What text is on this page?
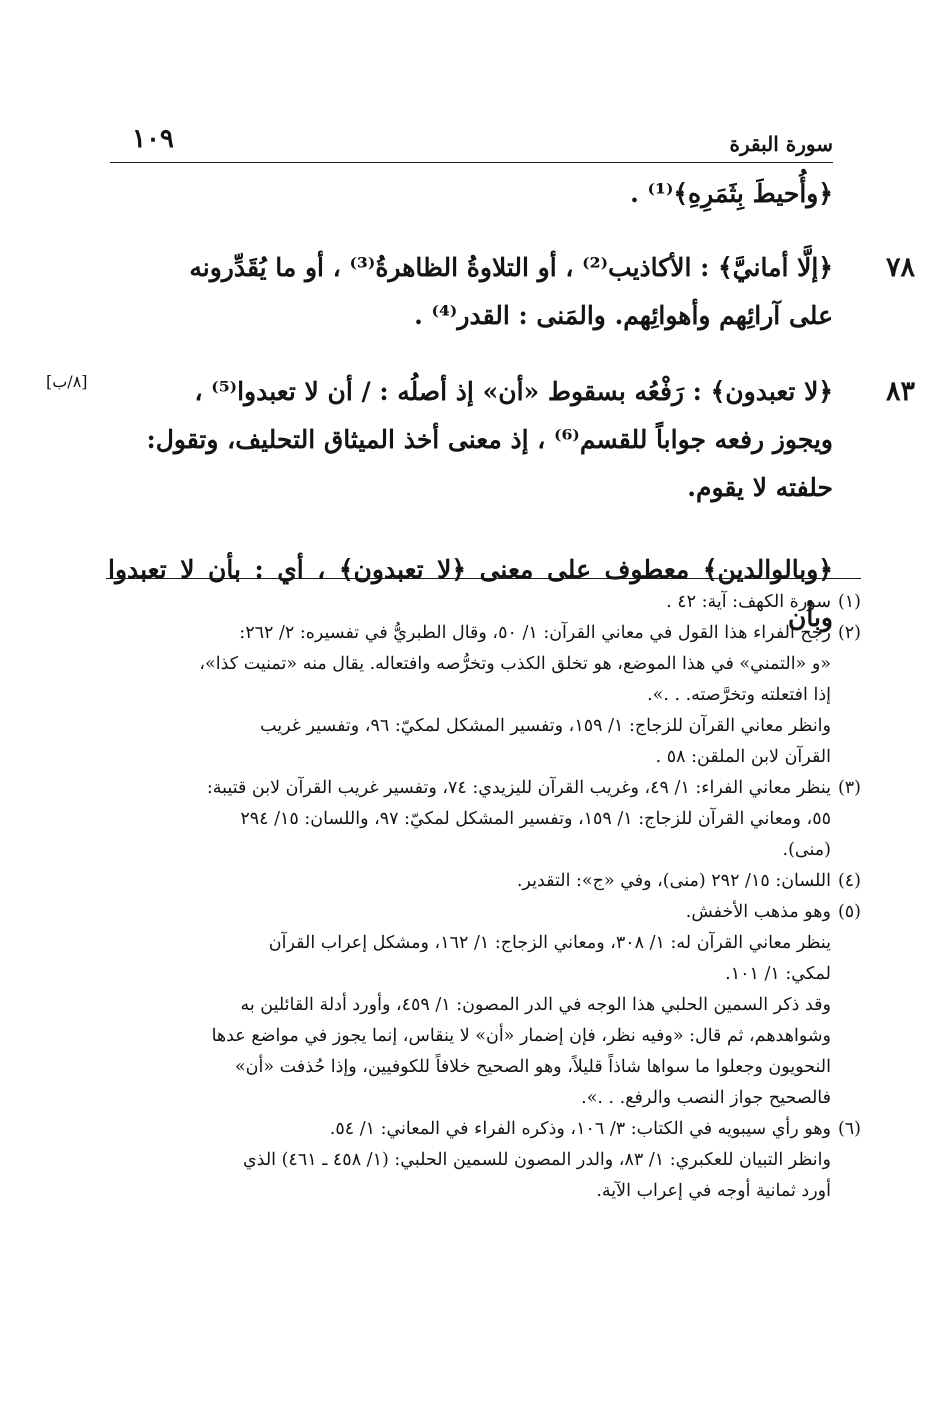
سورة البقرة
١٠٩

﴿وأُحيطَ بِثَمَرِهِ﴾⁽¹⁾ .

٧٨

﴿إلَّا أمانيَّ﴾ : الأكاذيب⁽²⁾ ، أو التلاوةُ الظاهرةُ⁽³⁾ ، أو ما يُقَدِّرونه

على آرائِهم وأهوائِهم. والمَنى : القدر⁽⁴⁾ .

٨٣
[٨/ب]	﴿لا تعبدون﴾ : رَفْعُه بسقوط «أن» إذ أصلُه : / أن لا تعبدوا⁽⁵⁾ ،

ويجوز رفعه جواباً للقسم⁽⁶⁾ ، إذ معنى أخذ الميثاق التحليف، وتقول:

حلفته لا يقوم.

﴿وبالوالدين﴾ معطوف على معنى ﴿لا تعبدون﴾ ، أي : بأن لا تعبدوا وبأن

(١)
سورة الكهف: آية: ٤٢ .
(٢)
رجح الفراء هذا القول في معاني القرآن: ١/ ٥٠، وقال الطبريُّ في تفسيره: ٢/ ٢٦٢:
«و «التمني» في هذا الموضع، هو تخلق الكذب وتخرُّصه وافتعاله. يقال منه «تمنيت كذا»،
إذا افتعلته وتخرَّصته. . .».
وانظر معاني القرآن للزجاج: ١/ ١٥٩، وتفسير المشكل لمكيّ: ٩٦، وتفسير غريب
القرآن لابن الملقن: ٥٨ .
(٣)
ينظر معاني الفراء: ١/ ٤٩، وغريب القرآن لليزيدي: ٧٤، وتفسير غريب القرآن لابن قتيبة:
٥٥، ومعاني القرآن للزجاج: ١/ ١٥٩، وتفسير المشكل لمكيّ: ٩٧، واللسان: ١٥/ ٢٩٤
(منى).
(٤)
اللسان: ١٥/ ٢٩٢ (منى)، وفي «ج»: التقدير.
(٥)
وهو مذهب الأخفش.
ينظر معاني القرآن له: ١/ ٣٠٨، ومعاني الزجاج: ١/ ١٦٢، ومشكل إعراب القرآن
لمكي: ١/ ١٠١.
وقد ذكر السمين الحلبي هذا الوجه في الدر المصون: ١/ ٤٥٩، وأورد أدلة القائلين به
وشواهدهم، ثم قال: «وفيه نظر، فإن إضمار «أن» لا ينقاس، إنما يجوز في مواضع عدها
النحويون وجعلوا ما سواها شاذاً قليلاً، وهو الصحيح خلافاً للكوفيين، وإذا حُذفت «أن»
فالصحيح جواز النصب والرفع. . .».
(٦)
وهو رأي سيبويه في الكتاب: ٣/ ١٠٦، وذكره الفراء في المعاني: ١/ ٥٤.
وانظر التبيان للعكبري: ١/ ٨٣، والدر المصون للسمين الحلبي: (١/ ٤٥٨ ـ ٤٦١) الذي
أورد ثمانية أوجه في إعراب الآية.
